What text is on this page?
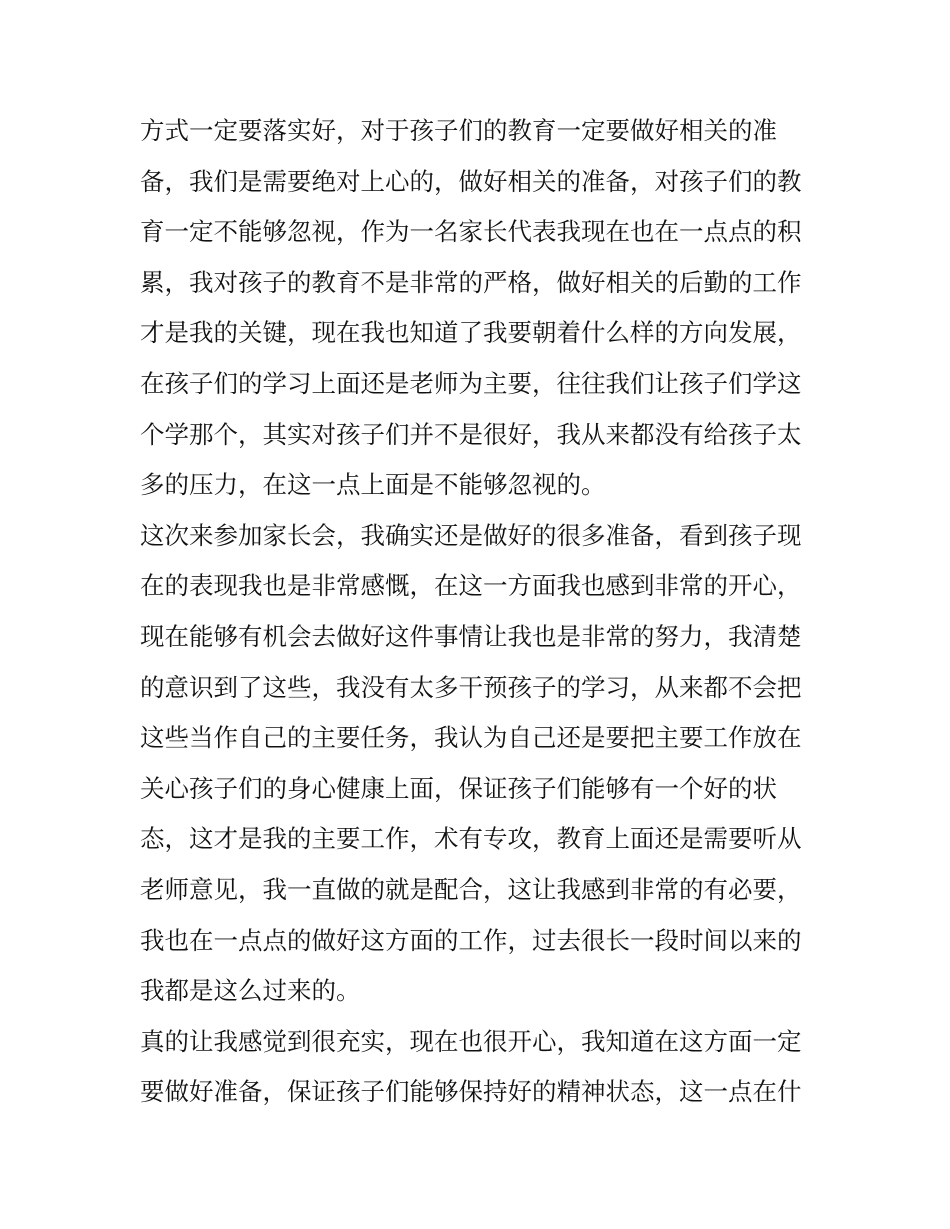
方式一定要落实好，对于孩子们的教育一定要做好相关的准
备，我们是需要绝对上心的，做好相关的准备，对孩子们的教
育一定不能够忽视，作为一名家长代表我现在也在一点点的积
累，我对孩子的教育不是非常的严格，做好相关的后勤的工作
才是我的关键，现在我也知道了我要朝着什么样的方向发展，
在孩子们的学习上面还是老师为主要，往往我们让孩子们学这
个学那个，其实对孩子们并不是很好，我从来都没有给孩子太
多的压力，在这一点上面是不能够忽视的。
这次来参加家长会，我确实还是做好的很多准备，看到孩子现
在的表现我也是非常感慨，在这一方面我也感到非常的开心，
现在能够有机会去做好这件事情让我也是非常的努力，我清楚
的意识到了这些，我没有太多干预孩子的学习，从来都不会把
这些当作自己的主要任务，我认为自己还是要把主要工作放在
关心孩子们的身心健康上面，保证孩子们能够有一个好的状
态，这才是我的主要工作，术有专攻，教育上面还是需要听从
老师意见，我一直做的就是配合，这让我感到非常的有必要，
我也在一点点的做好这方面的工作，过去很长一段时间以来的
我都是这么过来的。
真的让我感觉到很充实，现在也很开心，我知道在这方面一定
要做好准备，保证孩子们能够保持好的精神状态，这一点在什
